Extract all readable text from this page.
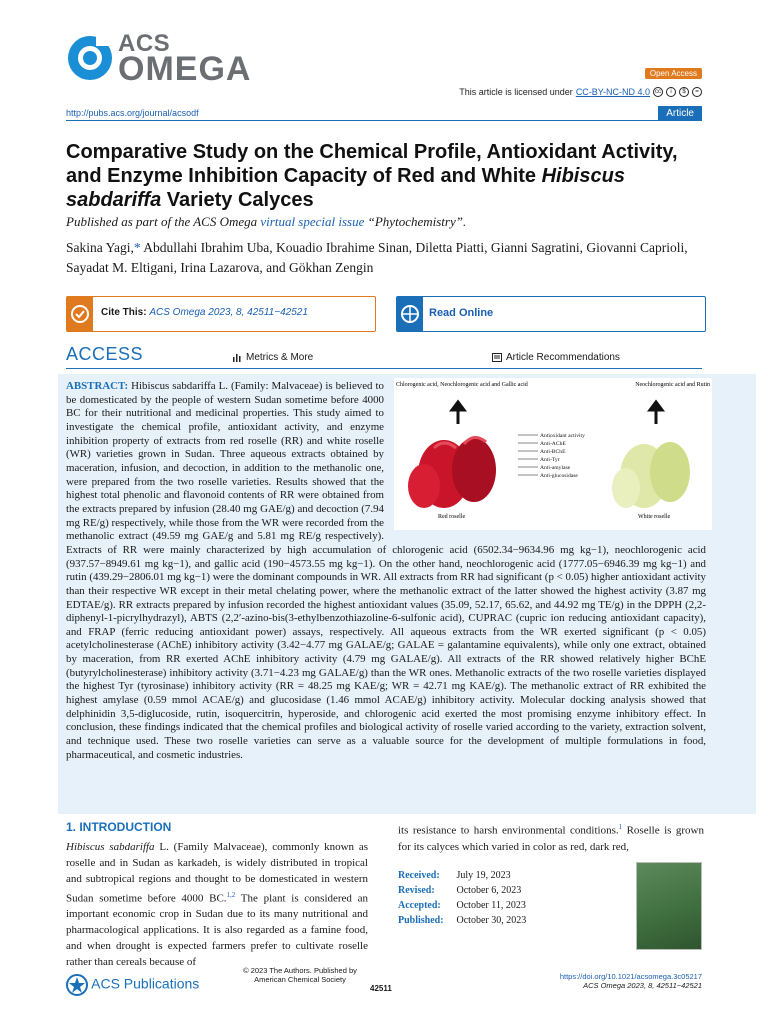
ACS
OMEGA	Open Access
This article is licensed under CC-BY-NC-ND 4.0 cc	i	$	=
http://pubs.acs.org/journal/acsodf	Article
Comparative Study on the Chemical Profile, Antioxidant Activity, and Enzyme Inhibition Capacity of Red and White Hibiscus sabdariffa Variety Calyces
Published as part of the ACS Omega virtual special issue “Phytochemistry”.
Sakina Yagi,* Abdullahi Ibrahim Uba, Kouadio Ibrahime Sinan, Diletta Piatti, Gianni Sagratini, Giovanni Caprioli, Sayadat M. Eltigani, Irina Lazarova, and Gökhan Zengin
Cite This: ACS Omega 2023, 8, 42511−42521	Read Online
ACCESS	Metrics & More	Article Recommendations
Chlorogenic acid, Neochlorogenic acid and Gallic acid	Neochlorogenic acid and Rutin
Antioxidant activity
Anti-AChE
Anti-BChE
Anti-Tyr
Anti-amylase
Anti-glucosidase
Red roselle	White roselle
ABSTRACT: Hibiscus sabdariffa L. (Family: Malvaceae) is believed to be domesticated by the people of western Sudan sometime before 4000 BC for their nutritional and medicinal properties. This study aimed to investigate the chemical profile, antioxidant activity, and enzyme inhibition property of extracts from red roselle (RR) and white roselle (WR) varieties grown in Sudan. Three aqueous extracts obtained by maceration, infusion, and decoction, in addition to the methanolic one, were prepared from the two roselle varieties. Results showed that the highest total phenolic and flavonoid contents of RR were obtained from the extracts prepared by infusion (28.40 mg GAE/g) and decoction (7.94 mg RE/g) respectively, while those from the WR were recorded from the methanolic extract (49.59 mg GAE/g and 5.81 mg RE/g respectively). Extracts of RR were mainly characterized by high accumulation of chlorogenic acid (6502.34−9634.96 mg kg−1), neochlorogenic acid (937.57−8949.61 mg kg−1), and gallic acid (190−4573.55 mg kg−1). On the other hand, neochlorogenic acid (1777.05−6946.39 mg kg−1) and rutin (439.29−2806.01 mg kg−1) were the dominant compounds in WR. All extracts from RR had significant (p < 0.05) higher antioxidant activity than their respective WR except in their metal chelating power, where the methanolic extract of the latter showed the highest activity (3.87 mg EDTAE/g). RR extracts prepared by infusion recorded the highest antioxidant values (35.09, 52.17, 65.62, and 44.92 mg TE/g) in the DPPH (2,2-diphenyl-1-picrylhydrazyl), ABTS (2,2′-azino-bis(3-ethylbenzothiazoline-6-sulfonic acid), CUPRAC (cupric ion reducing antioxidant capacity), and FRAP (ferric reducing antioxidant power) assays, respectively. All aqueous extracts from the WR exerted significant (p < 0.05) acetylcholinesterase (AChE) inhibitory activity (3.42−4.77 mg GALAE/g; GALAE = galantamine equivalents), while only one extract, obtained by maceration, from RR exerted AChE inhibitory activity (4.79 mg GALAE/g). All extracts of the RR showed relatively higher BChE (butyrylcholinesterase) inhibitory activity (3.71−4.23 mg GALAE/g) than the WR ones. Methanolic extracts of the two roselle varieties displayed the highest Tyr (tyrosinase) inhibitory activity (RR = 48.25 mg KAE/g; WR = 42.71 mg KAE/g). The methanolic extract of RR exhibited the highest amylase (0.59 mmol ACAE/g) and glucosidase (1.46 mmol ACAE/g) inhibitory activity. Molecular docking analysis showed that delphinidin 3,5-diglucoside, rutin, isoquercitrin, hyperoside, and chlorogenic acid exerted the most promising enzyme inhibitory effect. In conclusion, these findings indicated that the chemical profiles and biological activity of roselle varied according to the variety, extraction solvent, and technique used. These two roselle varieties can serve as a valuable source for the development of multiple formulations in food, pharmaceutical, and cosmetic industries.
1. INTRODUCTION
Hibiscus sabdariffa L. (Family Malvaceae), commonly known as roselle and in Sudan as karkadeh, is widely distributed in tropical and subtropical regions and thought to be domesticated in western Sudan sometime before 4000 BC.$^{1,2}$ The plant is considered an important economic crop in Sudan due to its many nutritional and pharmacological applications. It is also regarded as a famine food, and when drought is expected farmers prefer to cultivate roselle rather than cereals because of
its resistance to harsh environmental conditions.$^1$ Roselle is grown for its calyces which varied in color as red, dark red,
Received: July 19, 2023
Revised: October 6, 2023
Accepted: October 11, 2023
Published: October 30, 2023
ACS Publications
© 2023 The Authors. Published by American Chemical Society
42511
https://doi.org/10.1021/acsomega.3c05217
ACS Omega 2023, 8, 42511−42521
